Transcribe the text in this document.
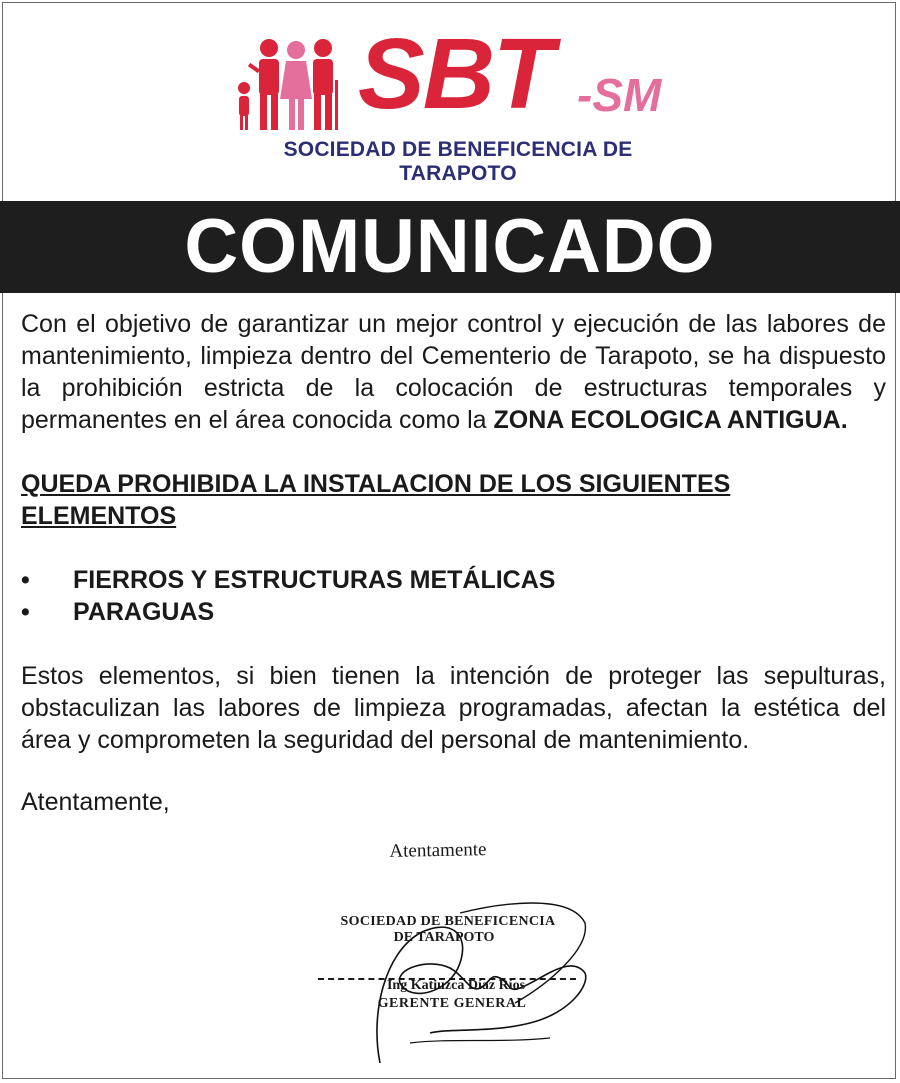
SBT -SM
SOCIEDAD DE BENEFICENCIA DE TARAPOTO
COMUNICADO

Con el objetivo de garantizar un mejor control y ejecución de las labores de mantenimiento, limpieza dentro del Cementerio de Tarapoto, se ha dispuesto la prohibición estricta de la colocación de estructuras temporales y permanentes en el área conocida como la ZONA ECOLOGICA ANTIGUA.

QUEDA PROHIBIDA LA INSTALACION DE LOS SIGUIENTES ELEMENTOS

•	FIERROS Y ESTRUCTURAS METÁLICAS
•	PARAGUAS

Estos elementos, si bien tienen la intención de proteger las sepulturas, obstaculizan las labores de limpieza programadas, afectan la estética del área y comprometen la seguridad del personal de mantenimiento.

Atentamente,

Atentamente
SOCIEDAD DE BENEFICENCIA
DE TARAPOTO
Ing Katiuzca Díaz Ríos
GERENTE GENERAL
